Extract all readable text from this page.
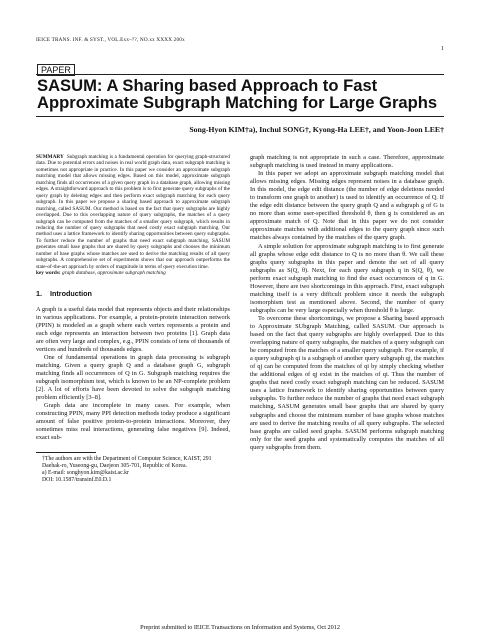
IEICE TRANS. INF. & SYST., VOL.Exx–??, NO.xx XXXX 200x
1
PAPER
SASUM: A Sharing based Approach to Fast Approximate Subgraph Matching for Large Graphs
Song-Hyon KIM†a), Inchul SONG†, Kyong-Ha LEE†, and Yoon-Joon LEE†
SUMMARY Subgraph matching is a fundamental operation for querying graph-structured data. Due to potential errors and noises in real world graph data, exact subgraph matching is sometimes not appropriate in practice. In this paper we consider an approximate subgraph matching model that allows missing edges. Based on this model, approximate subgraph matching finds all occurrences of a given query graph in a database graph, allowing missing edges. A straightforward approach to this problem is to first generate query subgraphs of the query graph by deleting edges and then perform exact subgraph matching for each query subgraph. In this paper we propose a sharing based approach to approximate subgraph matching, called SASUM. Our method is based on the fact that query subgraphs are highly overlapped. Due to this overlapping nature of query subgraphs, the matches of a query subgraph can be computed from the matches of a smaller query subgraph, which results in reducing the number of query subgraphs that need costly exact subgraph matching. Our method uses a lattice framework to identify sharing opportunities between query subgraphs. To further reduce the number of graphs that need exact subgraph matching, SASUM generates small base graphs that are shared by query subgraphs and chooses the minimum number of base graphs whose matches are used to derive the matching results of all query subgraphs. A comprehensive set of experiments shows that our approach outperforms the state-of-the-art approach by orders of magnitude in terms of query execution time.
key words: graph database, approximate subgraph matching
1. Introduction

A graph is a useful data model that represents objects and their relationships in various applications. For example, a protein-protein interaction network (PPIN) is modeled as a graph where each vertex represents a protein and each edge represents an interaction between two proteins [1]. Graph data are often very large and complex, e.g., PPIN consists of tens of thousands of vertices and hundreds of thousands edges.

One of fundamental operations in graph data processing is subgraph matching. Given a query graph Q and a database graph G, subgraph matching finds all occurrences of Q in G. Subgraph matching requires the subgraph isomorphism test, which is known to be an NP-complete problem [2]. A lot of efforts have been devoted to solve the subgraph matching problem efficiently [3–8].

Graph data are incomplete in many cases. For example, when constructing PPIN, many PPI detection methods today produce a significant amount of false positive protein-to-protein interactions. Moreover, they sometimes miss real interactions, generating false negatives [9]. Indeed, exact sub-

†The authors are with the Department of Computer Science, KAIST, 291 Daehak-ro, Yuseong-gu, Daejeon 305-701, Republic of Korea.

a) E-mail: songhyon.kim@kaist.ac.kr

DOI: 10.1587/transinf.E0.D.1

graph matching is not appropriate in such a case. Therefore, approximate subgraph matching is used instead in many applications.

In this paper we adopt an approximate subgraph matching model that allows missing edges. Missing edges represent noises in a database graph. In this model, the edge edit distance (the number of edge deletions needed to transform one graph to another) is used to identify an occurrence of Q. If the edge edit distance between the query graph Q and a subgraph g of G is no more than some user-specified threshold θ, then g is considered as an approximate match of Q. Note that in this paper we do not consider approximate matches with additional edges to the query graph since such matches always contained by the matches of the query graph.

A simple solution for approximate subgraph matching is to first generate all graphs whose edge edit distance to Q is no more than θ. We call these graphs query subgraphs in this paper and denote the set of all query subgraphs as S(Q, θ). Next, for each query subgraph q in S(Q, θ), we perform exact subgraph matching to find the exact occurrences of q in G. However, there are two shortcomings in this approach. First, exact subgraph matching itself is a very difficult problem since it needs the subgraph isomorphism test as mentioned above. Second, the number of query subgraphs can be very large especially when threshold θ is large.

To overcome these shortcomings, we propose a Sharing based approach to Approximate SUbgraph Matching, called SASUM. Our approach is based on the fact that query subgraphs are highly overlapped. Due to this overlapping nature of query subgraphs, the matches of a query subgraph can be computed from the matches of a smaller query subgraph. For example, if a query subgraph qi is a subgraph of another query subgraph qj, the matches of qj can be computed from the matches of qi by simply checking whether the additional edges of qj exist in the matches of qi. Thus the number of graphs that need costly exact subgraph matching can be reduced. SASUM uses a lattice framework to identify sharing opportunities between query subgraphs. To further reduce the number of graphs that need exact subgraph matching, SASUM generates small base graphs that are shared by query subgraphs and choose the minimum number of base graphs whose matches are used to derive the matching results of all query subgraphs. The selected base graphs are called seed graphs. SASUM performs subgraph matching only for the seed graphs and systematically computes the matches of all query subgraphs from them.

Preprint submitted to IEICE Transactions on Information and Systems, Oct 2012
